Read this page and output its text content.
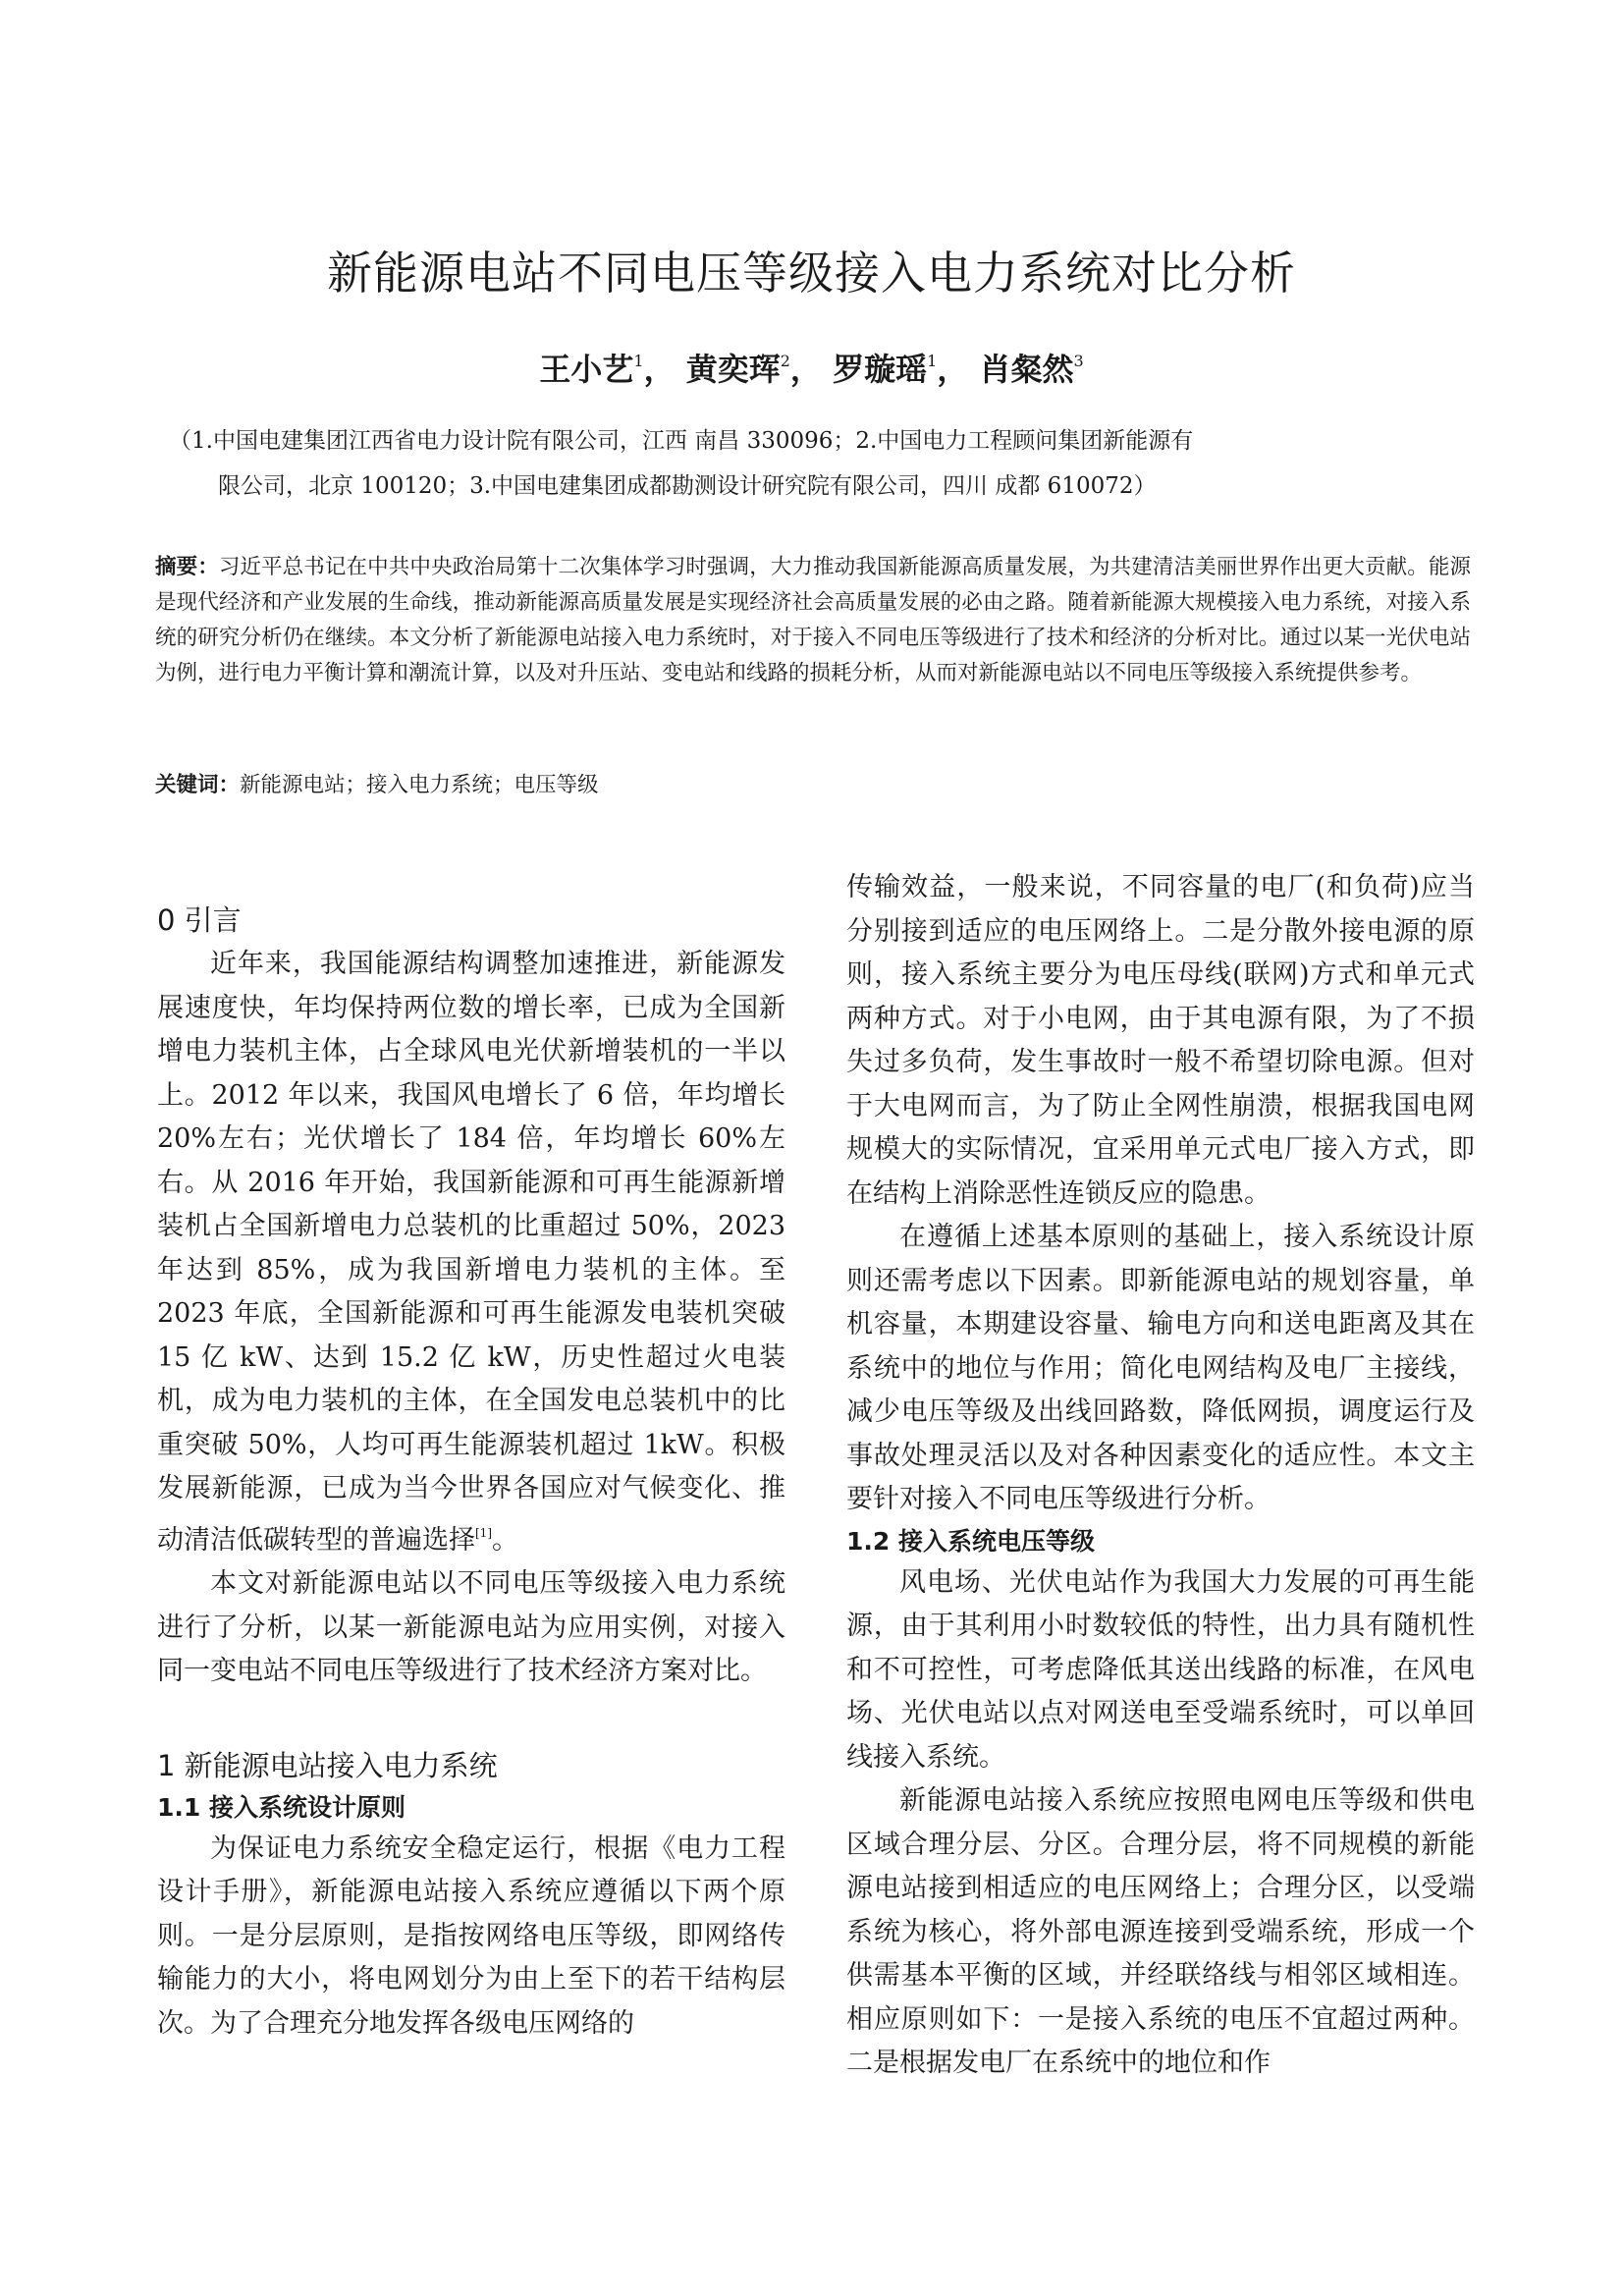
新能源电站不同电压等级接入电力系统对比分析
王小艺$^1$， 黄奕珲$^2$， 罗璇瑶$^1$， 肖粲然$^3$
（1.中国电建集团江西省电力设计院有限公司，江西 南昌 330096；2.中国电力工程顾问集团新能源有
限公司，北京 100120；3.中国电建集团成都勘测设计研究院有限公司，四川 成都 610072）
摘要：习近平总书记在中共中央政治局第十二次集体学习时强调，大力推动我国新能源高质量发展，为共建清洁美丽世界作出更大贡献。能源是现代经济和产业发展的生命线，推动新能源高质量发展是实现经济社会高质量发展的必由之路。随着新能源大规模接入电力系统，对接入系统的研究分析仍在继续。本文分析了新能源电站接入电力系统时，对于接入不同电压等级进行了技术和经济的分析对比。通过以某一光伏电站为例，进行电力平衡计算和潮流计算，以及对升压站、变电站和线路的损耗分析，从而对新能源电站以不同电压等级接入系统提供参考。
关键词：新能源电站；接入电力系统；电压等级
0 引言

近年来，我国能源结构调整加速推进，新能源发展速度快，年均保持两位数的增长率，已成为全国新增电力装机主体，占全球风电光伏新增装机的一半以上。2012 年以来，我国风电增长了 6 倍，年均增长 20%左右；光伏增长了 184 倍，年均增长 60%左右。从 2016 年开始，我国新能源和可再生能源新增装机占全国新增电力总装机的比重超过 50%，2023 年达到 85%，成为我国新增电力装机的主体。至 2023 年底，全国新能源和可再生能源发电装机突破 15 亿 kW、达到 15.2 亿 kW，历史性超过火电装机，成为电力装机的主体，在全国发电总装机中的比重突破 50%，人均可再生能源装机超过 1kW。积极发展新能源，已成为当今世界各国应对气候变化、推动清洁低碳转型的普遍选择[1]。

本文对新能源电站以不同电压等级接入电力系统进行了分析，以某一新能源电站为应用实例，对接入同一变电站不同电压等级进行了技术经济方案对比。

1 新能源电站接入电力系统
1.1 接入系统设计原则

为保证电力系统安全稳定运行，根据《电力工程设计手册》，新能源电站接入系统应遵循以下两个原则。一是分层原则，是指按网络电压等级，即网络传输能力的大小，将电网划分为由上至下的若干结构层次。为了合理充分地发挥各级电压网络的

传输效益，一般来说，不同容量的电厂(和负荷)应当分别接到适应的电压网络上。二是分散外接电源的原则，接入系统主要分为电压母线(联网)方式和单元式两种方式。对于小电网，由于其电源有限，为了不损失过多负荷，发生事故时一般不希望切除电源。但对于大电网而言，为了防止全网性崩溃，根据我国电网规模大的实际情况，宜采用单元式电厂接入方式，即在结构上消除恶性连锁反应的隐患。

在遵循上述基本原则的基础上，接入系统设计原则还需考虑以下因素。即新能源电站的规划容量，单机容量，本期建设容量、输电方向和送电距离及其在系统中的地位与作用；简化电网结构及电厂主接线，减少电压等级及出线回路数，降低网损，调度运行及事故处理灵活以及对各种因素变化的适应性。本文主要针对接入不同电压等级进行分析。

1.2 接入系统电压等级

风电场、光伏电站作为我国大力发展的可再生能源，由于其利用小时数较低的特性，出力具有随机性和不可控性，可考虑降低其送出线路的标准，在风电场、光伏电站以点对网送电至受端系统时，可以单回线接入系统。

新能源电站接入系统应按照电网电压等级和供电区域合理分层、分区。合理分层，将不同规模的新能源电站接到相适应的电压网络上；合理分区，以受端系统为核心，将外部电源连接到受端系统，形成一个供需基本平衡的区域，并经联络线与相邻区域相连。相应原则如下：一是接入系统的电压不宜超过两种。二是根据发电厂在系统中的地位和作
